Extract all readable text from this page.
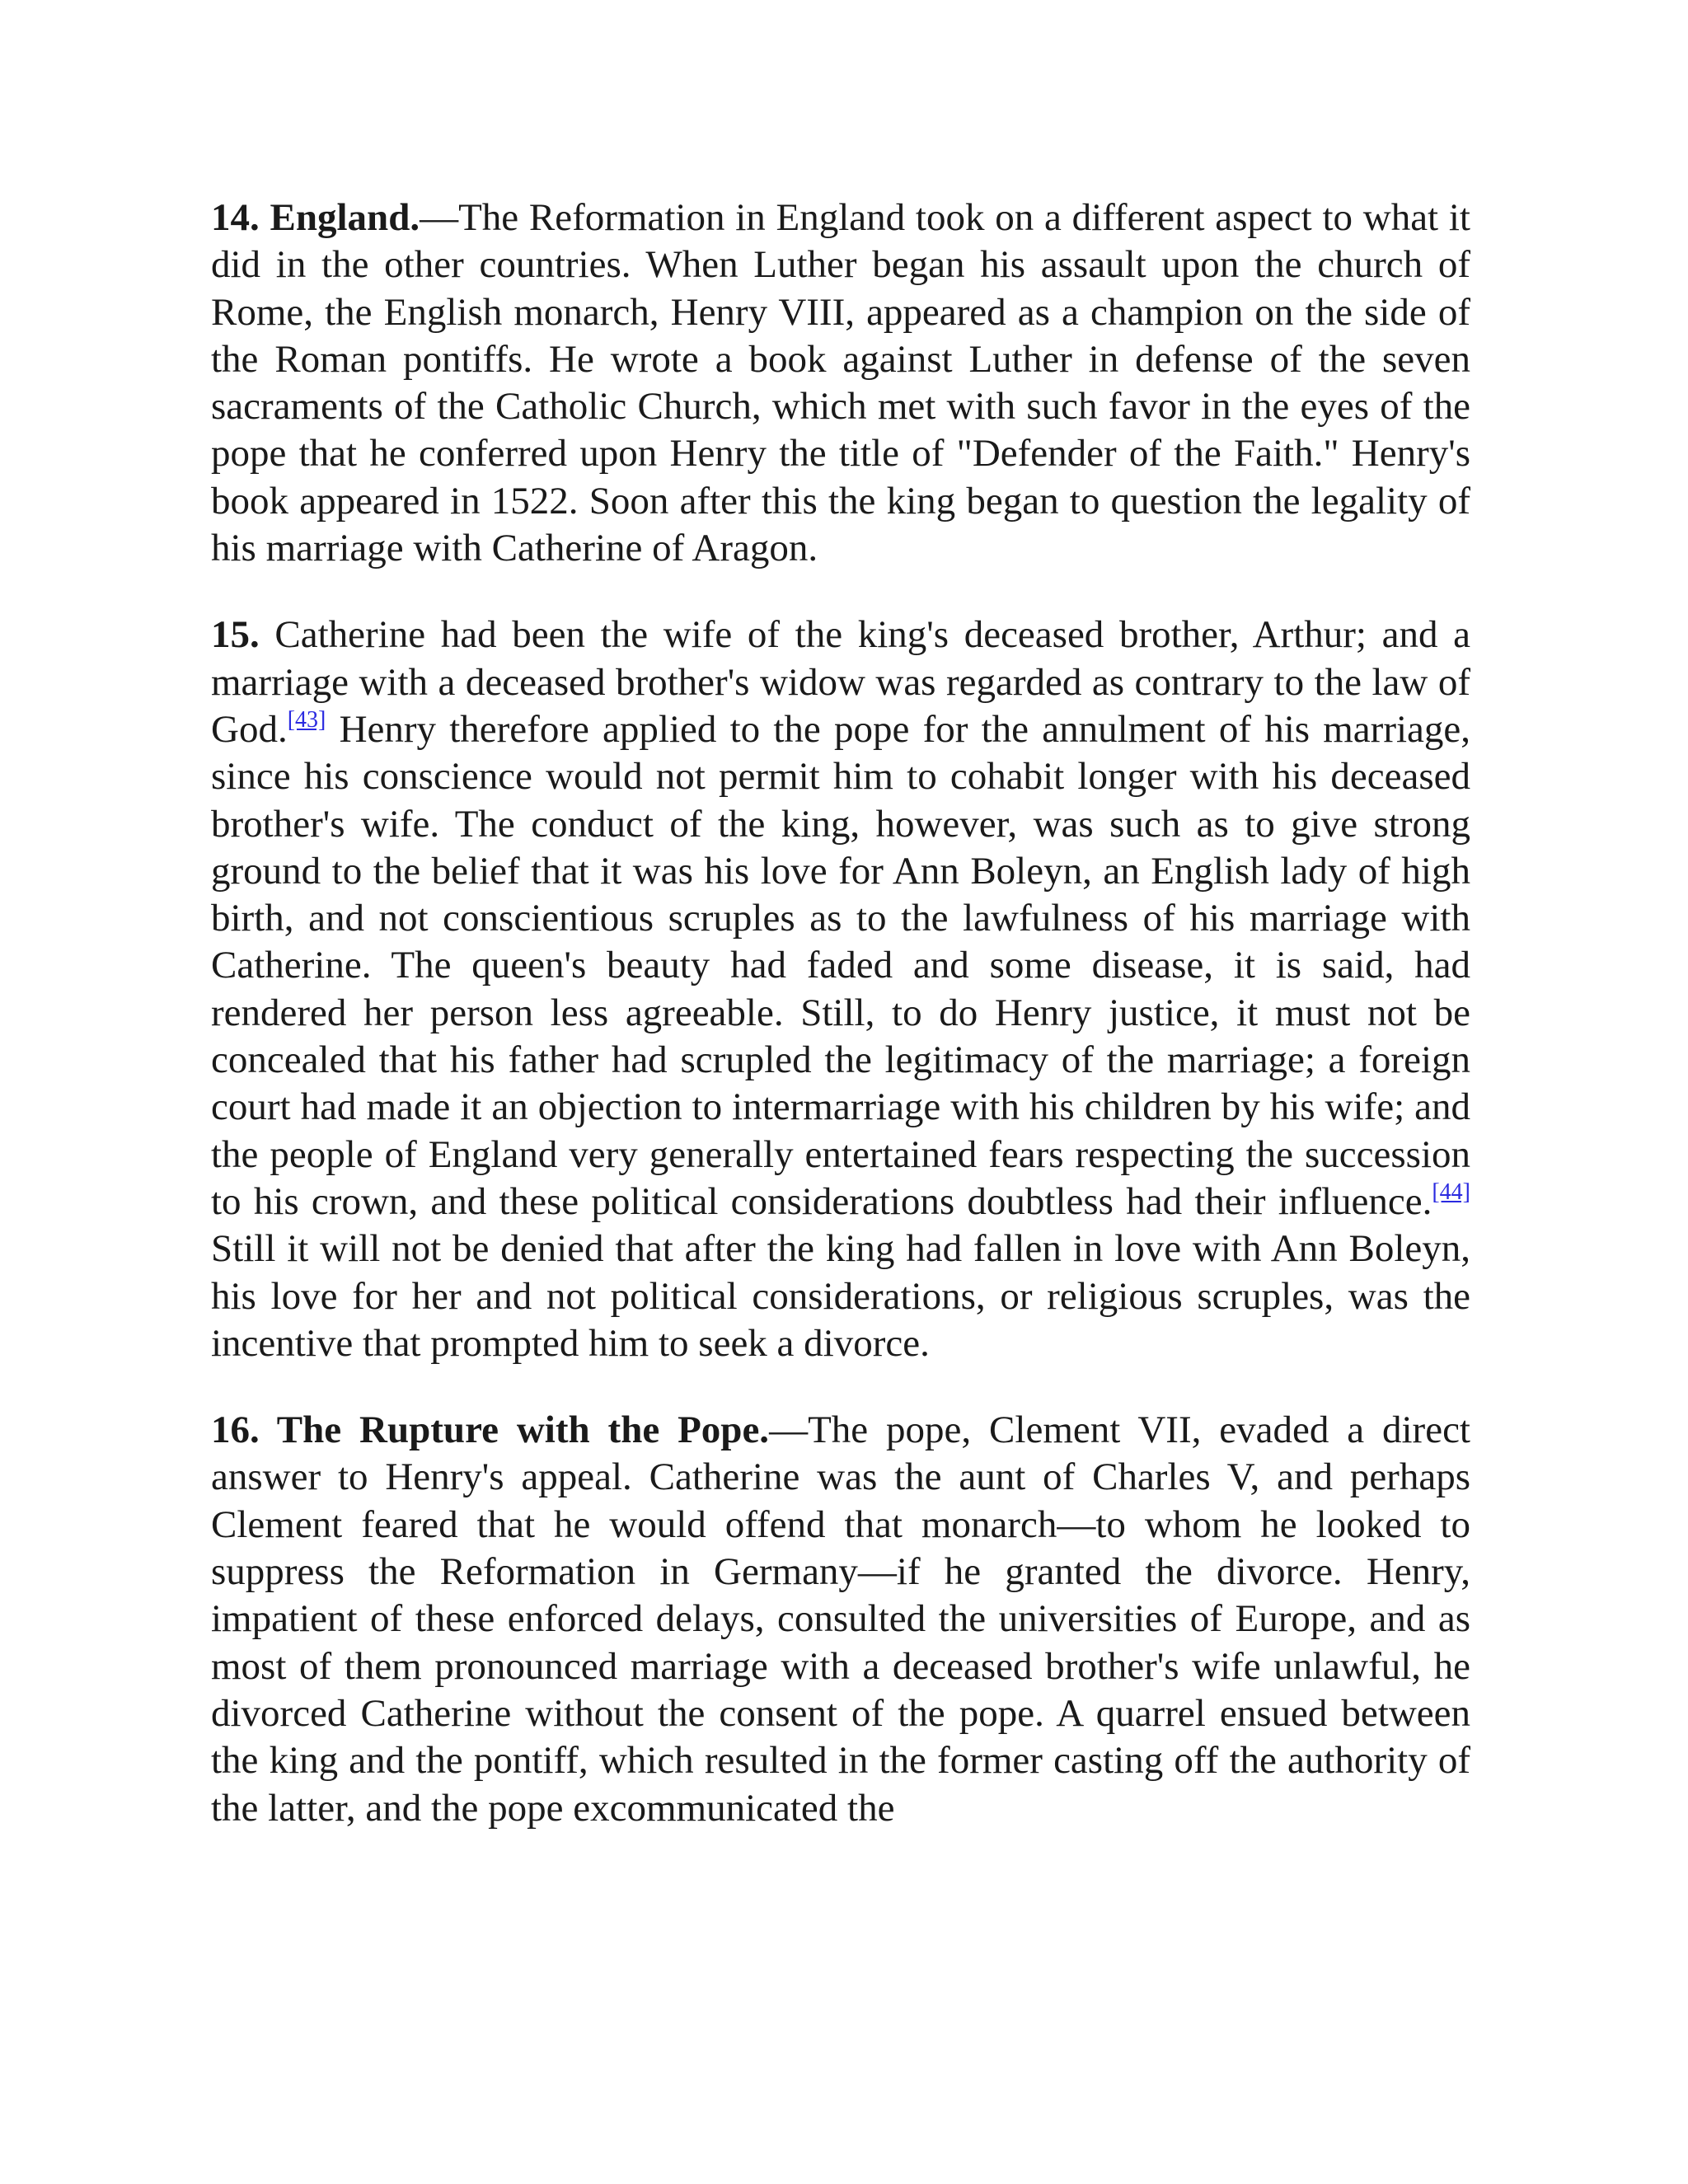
14. England.—The Reformation in England took on a different aspect to what it did in the other countries. When Luther began his assault upon the church of Rome, the English monarch, Henry VIII, appeared as a champion on the side of the Roman pontiffs. He wrote a book against Luther in defense of the seven sacraments of the Catholic Church, which met with such favor in the eyes of the pope that he conferred upon Henry the title of "Defender of the Faith." Henry's book appeared in 1522. Soon after this the king began to question the legality of his marriage with Catherine of Aragon.

15. Catherine had been the wife of the king's deceased brother, Arthur; and a marriage with a deceased brother's widow was regarded as contrary to the law of God.[43] Henry therefore applied to the pope for the annulment of his marriage, since his conscience would not permit him to cohabit longer with his deceased brother's wife. The conduct of the king, however, was such as to give strong ground to the belief that it was his love for Ann Boleyn, an English lady of high birth, and not conscientious scruples as to the lawfulness of his marriage with Catherine. The queen's beauty had faded and some disease, it is said, had rendered her person less agreeable. Still, to do Henry justice, it must not be concealed that his father had scrupled the legitimacy of the marriage; a foreign court had made it an objection to intermarriage with his children by his wife; and the people of England very generally entertained fears respecting the succession to his crown, and these political considerations doubtless had their influence.[44] Still it will not be denied that after the king had fallen in love with Ann Boleyn, his love for her and not political considerations, or religious scruples, was the incentive that prompted him to seek a divorce.

16. The Rupture with the Pope.—The pope, Clement VII, evaded a direct answer to Henry's appeal. Catherine was the aunt of Charles V, and perhaps Clement feared that he would offend that monarch—to whom he looked to suppress the Reformation in Germany—if he granted the divorce. Henry, impatient of these enforced delays, consulted the universities of Europe, and as most of them pronounced marriage with a deceased brother's wife unlawful, he divorced Catherine without the consent of the pope. A quarrel ensued between the king and the pontiff, which resulted in the former casting off the authority of the latter, and the pope excommunicated the
